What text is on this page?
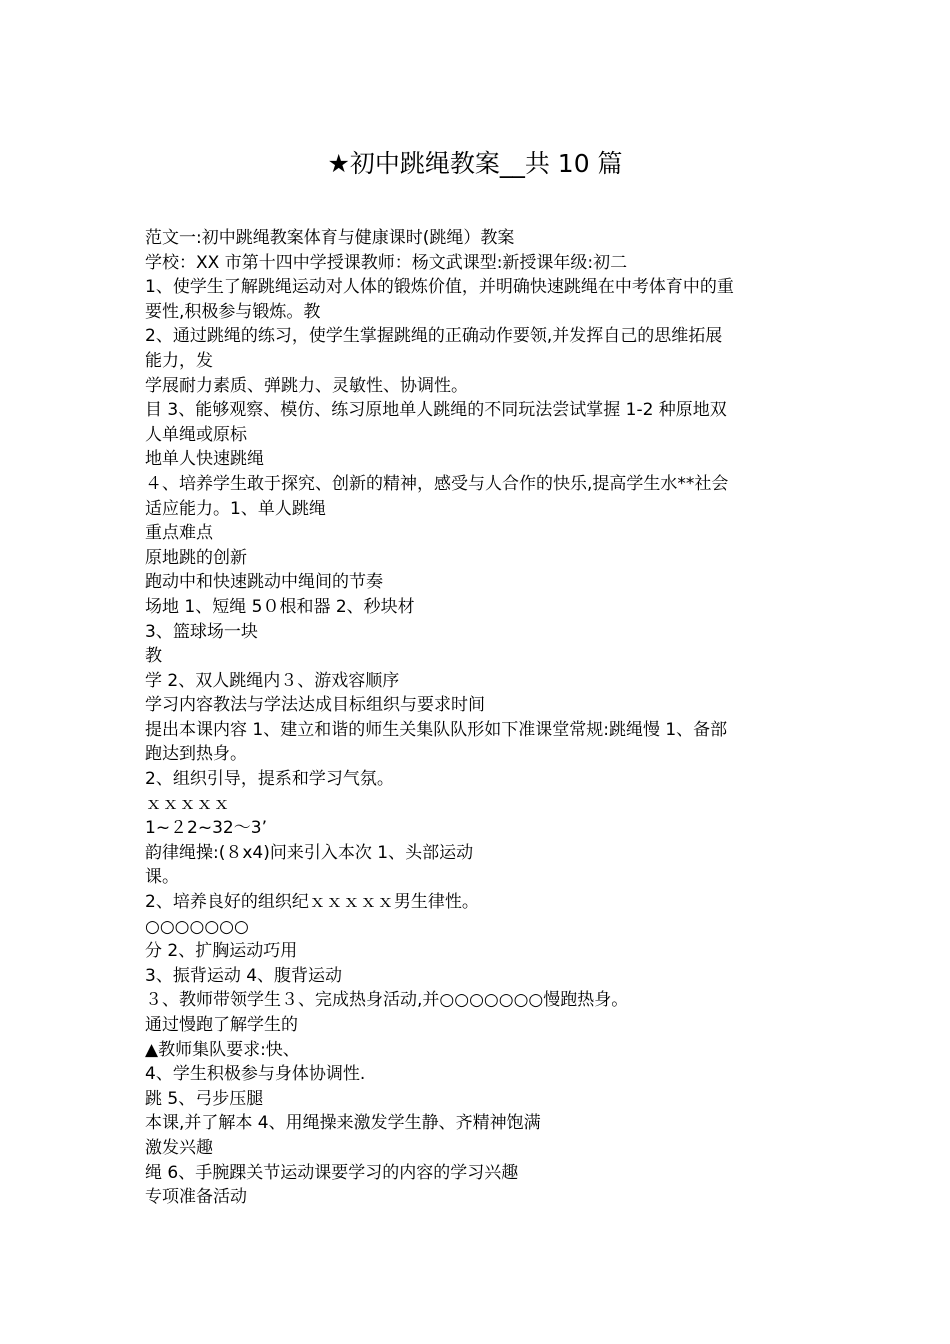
★初中跳绳教案__共 10 篇
范文一:初中跳绳教案体育与健康课时(跳绳）教案
学校：XX 市第十四中学授课教师：杨文武课型:新授课年级:初二
1、使学生了解跳绳运动对人体的锻炼价值，并明确快速跳绳在中考体育中的重
要性,积极参与锻炼。教
2、通过跳绳的练习，使学生掌握跳绳的正确动作要领,并发挥自己的思维拓展
能力，发
学展耐力素质、弹跳力、灵敏性、协调性。
目 3、能够观察、模仿、练习原地单人跳绳的不同玩法尝试掌握 1-2 种原地双
人单绳或原标
地单人快速跳绳
４、培养学生敢于探究、创新的精神，感受与人合作的快乐,提高学生水**社会
适应能力。1、单人跳绳
重点难点
原地跳的创新
跑动中和快速跳动中绳间的节奏
场地 1、短绳 5０根和器 2、秒块材
3、篮球场一块
教
学 2、双人跳绳内３、游戏容顺序
学习内容教法与学法达成目标组织与要求时间
提出本课内容 1、建立和谐的师生关集队队形如下准课堂常规:跳绳慢 1、备部
跑达到热身。
2、组织引导，提系和学习气氛。
ｘｘｘｘｘ
1~２2~32～3’
韵律绳操:(８x4)问来引入本次 1、头部运动
课。
2、培养良好的组织纪ｘｘｘｘｘ男生律性。
○○○○○○○
分 2、扩胸运动巧用
3、振背运动 4、腹背运动
３、教师带领学生３、完成热身活动,并○○○○○○○慢跑热身。
通过慢跑了解学生的
▲教师集队要求:快、
4、学生积极参与身体协调性.
跳 5、弓步压腿
本课,并了解本 4、用绳操来激发学生静、齐精神饱满
激发兴趣
绳 6、手腕踝关节运动课要学习的内容的学习兴趣
专项准备活动
